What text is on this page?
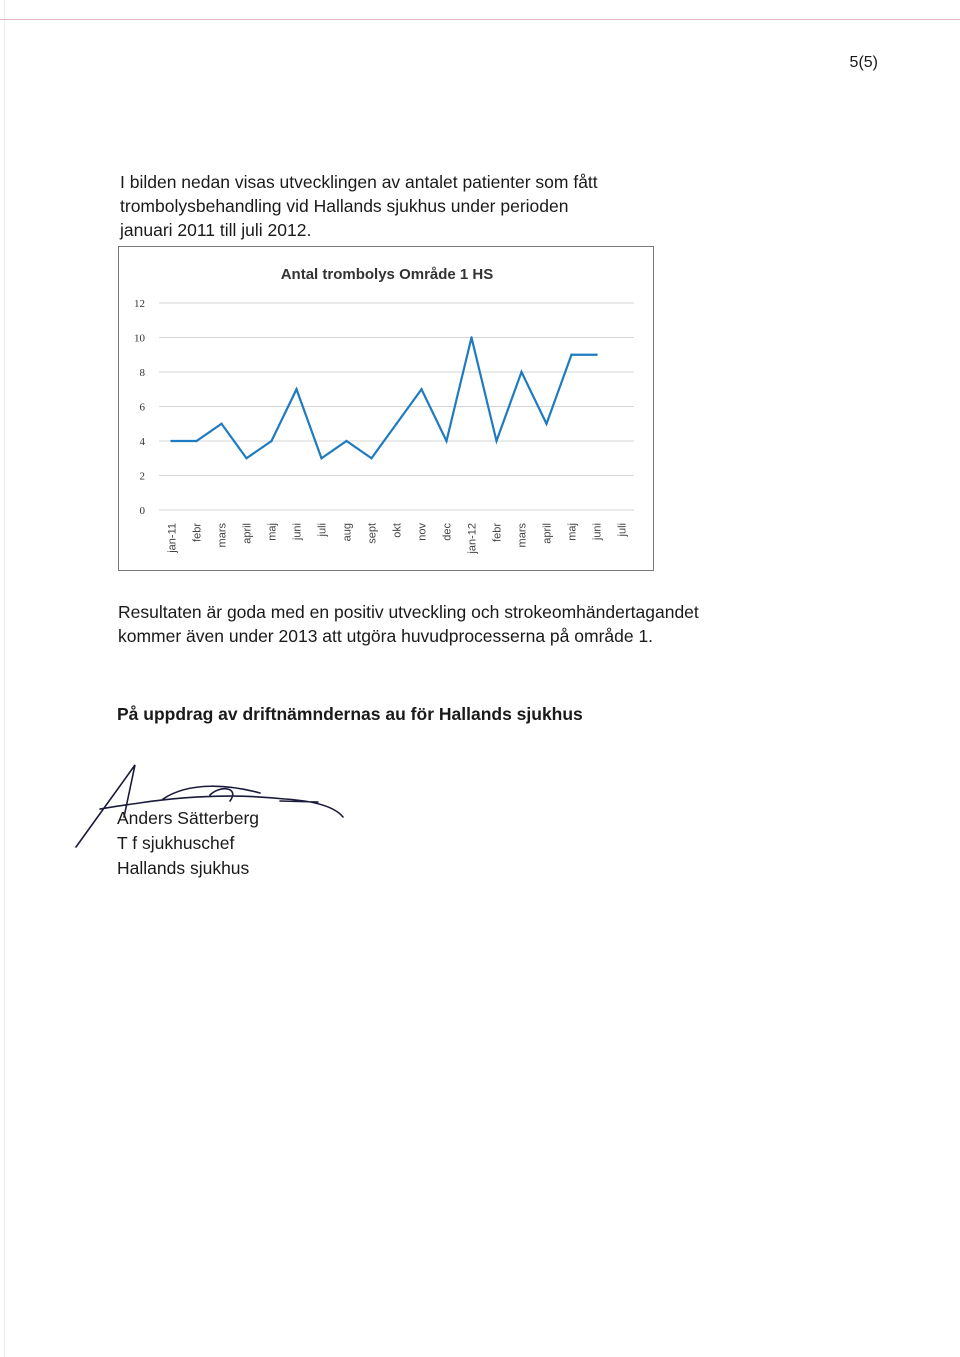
5(5)
I bilden nedan visas utvecklingen av antalet patienter som fått
trombolysbehandling vid Hallands sjukhus under perioden
januari 2011 till juli 2012.
Antal trombolys Område 1 HS
0
2
4
6
8
10
12
jan-11 febr mars april maj juni juli aug sept okt nov dec jan-12 febr mars april maj juni juli
Resultaten är goda med en positiv utveckling och strokeomhändertagandet
kommer även under 2013 att utgöra huvudprocesserna på område 1.
På uppdrag av driftnämndernas au för Hallands sjukhus
Anders Sätterberg
T f sjukhuschef
Hallands sjukhus
